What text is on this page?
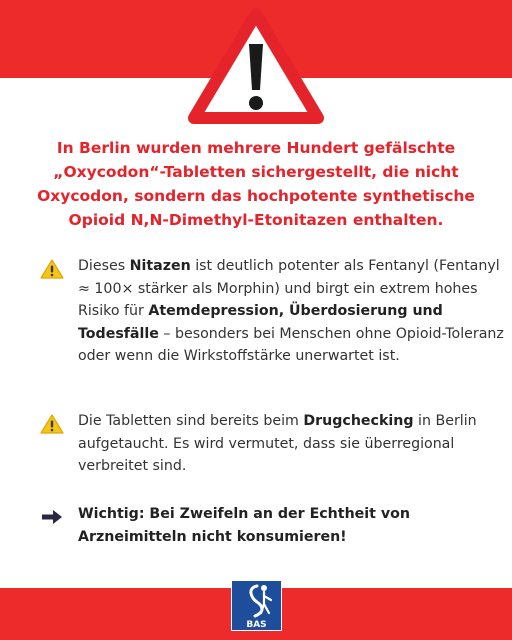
In Berlin wurden mehrere Hundert gefälschte „Oxycodon“-Tabletten sichergestellt, die nicht Oxycodon, sondern das hochpotente synthetische Opioid N,N-Dimethyl-Etonitazen enthalten.
Dieses Nitazen ist deutlich potenter als Fentanyl (Fentanyl ≈ 100× stärker als Morphin) und birgt ein extrem hohes Risiko für Atemdepression, Überdosierung und Todesfälle – besonders bei Menschen ohne Opioid-Toleranz oder wenn die Wirkstoffstärke unerwartet ist.
Die Tabletten sind bereits beim Drugchecking in Berlin aufgetaucht. Es wird vermutet, dass sie überregional verbreitet sind.
Wichtig: Bei Zweifeln an der Echtheit von Arzneimitteln nicht konsumieren!
BAS
